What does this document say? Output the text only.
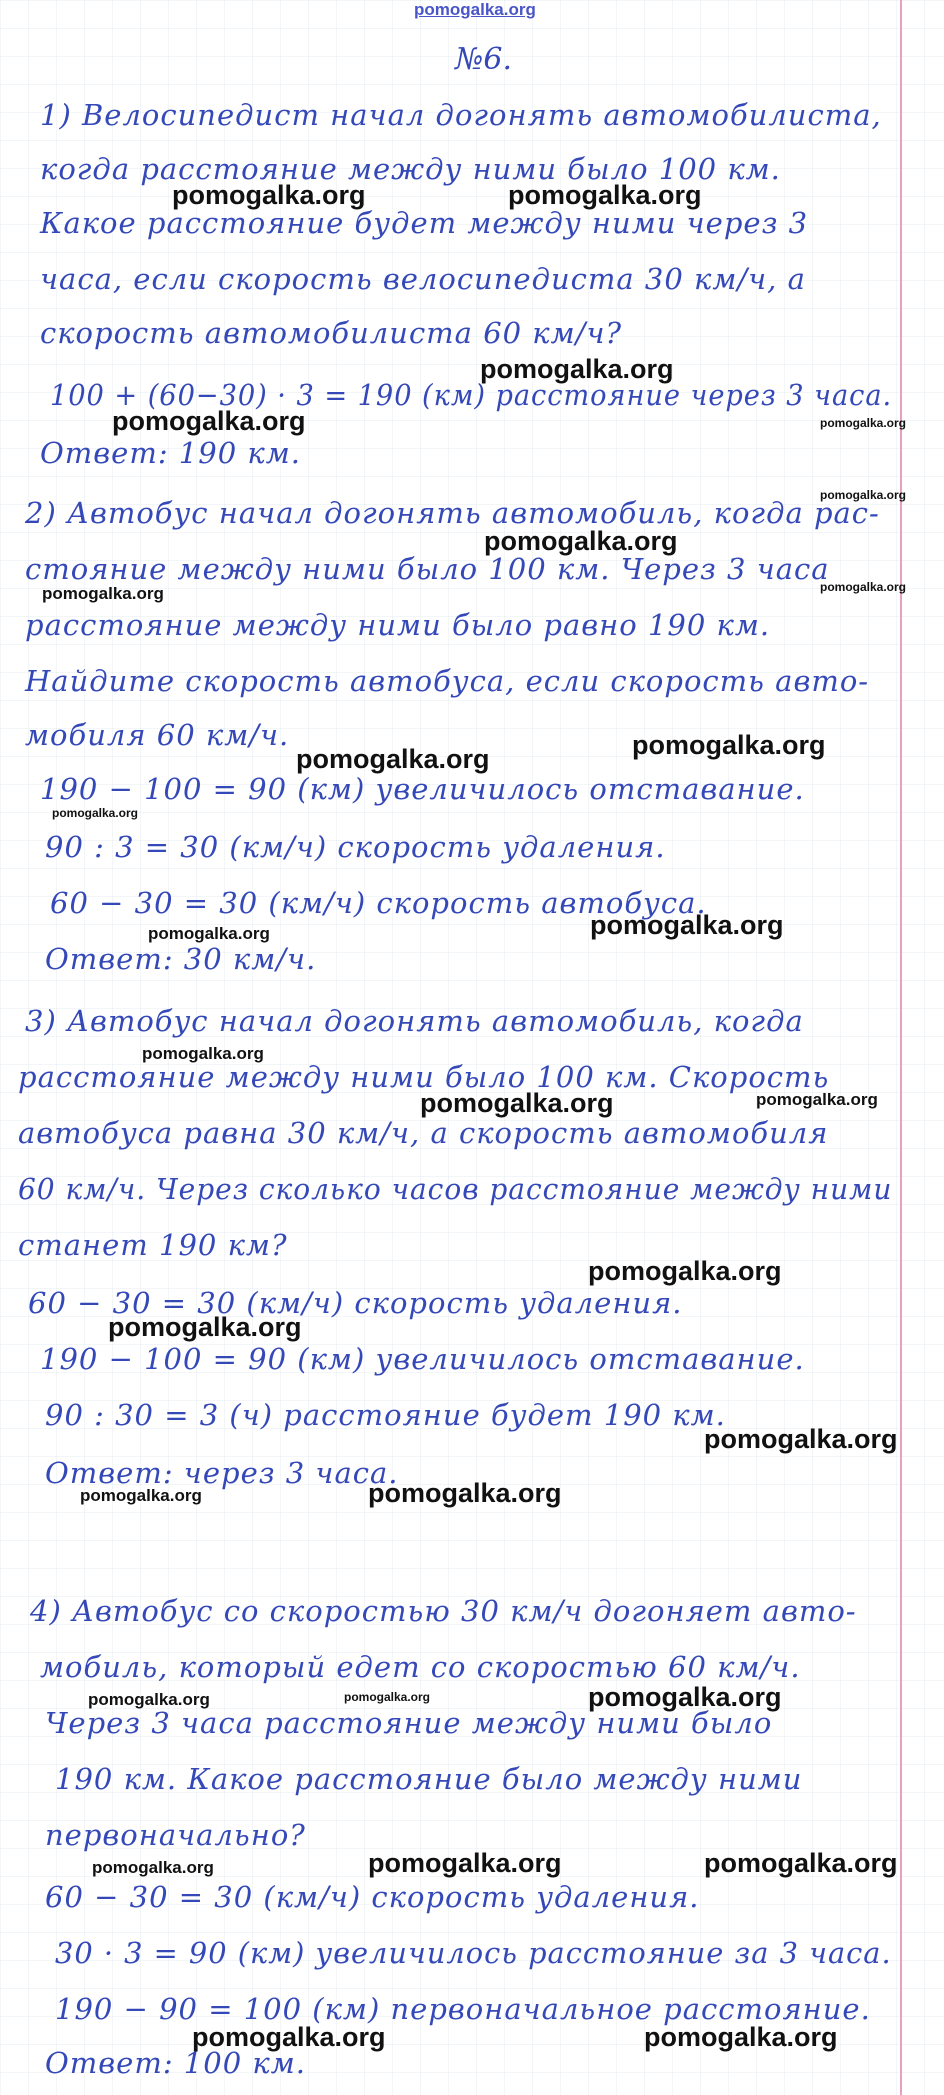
pomogalka.org
№6.
1) Велосипедист начал догонять автомобилиста,
когда расстояние между ними было 100 км.
Какое расстояние будет между ними через 3
часа, если скорость велосипедиста 30 км/ч, а
скорость автомобилиста 60 км/ч?
100 + (60−30) · 3 = 190 (км) расстояние через 3 часа.
Ответ: 190 км.
2) Автобус начал догонять автомобиль, когда рас-
стояние между ними было 100 км. Через 3 часа
расстояние между ними было равно 190 км.
Найдите скорость автобуса, если скорость авто-
мобиля 60 км/ч.
190 − 100 = 90 (км) увеличилось отставание.
90 : 3 = 30 (км/ч) скорость удаления.
60 − 30 = 30 (км/ч) скорость автобуса.
Ответ: 30 км/ч.
3) Автобус начал догонять автомобиль, когда
расстояние между ними было 100 км. Скорость
автобуса равна 30 км/ч, а скорость автомобиля
60 км/ч. Через сколько часов расстояние между ними
станет 190 км?
60 − 30 = 30 (км/ч) скорость удаления.
190 − 100 = 90 (км) увеличилось отставание.
90 : 30 = 3 (ч) расстояние будет 190 км.
Ответ: через 3 часа.
4) Автобус со скоростью 30 км/ч догоняет авто-
мобиль, который едет со скоростью 60 км/ч.
Через 3 часа расстояние между ними было
190 км. Какое расстояние было между ними
первоначально?
60 − 30 = 30 (км/ч) скорость удаления.
30 · 3 = 90 (км) увеличилось расстояние за 3 часа.
190 − 90 = 100 (км) первоначальное расстояние.
Ответ: 100 км.
pomogalka.org	pomogalka.org
pomogalka.org
pomogalka.org	pomogalka.org
pomogalka.org
pomogalka.org
pomogalka.org	pomogalka.org
pomogalka.org
pomogalka.org
pomogalka.org
pomogalka.org
pomogalka.org
pomogalka.org
pomogalka.org	pomogalka.org
pomogalka.org
pomogalka.org
pomogalka.org
pomogalka.org	pomogalka.org
pomogalka.org	pomogalka.org	pomogalka.org
pomogalka.org	pomogalka.org	pomogalka.org
pomogalka.org	pomogalka.org
